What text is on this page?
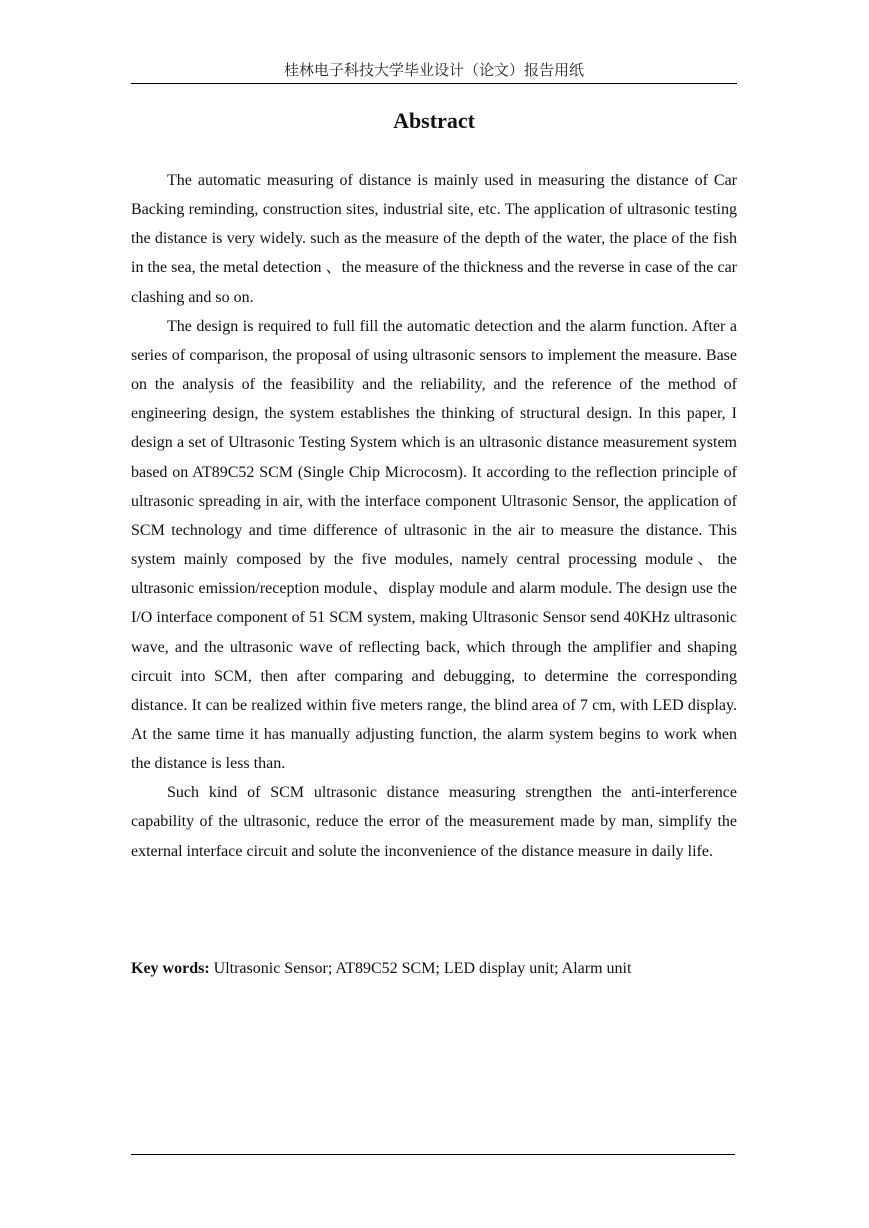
桂林电子科技大学毕业设计（论文）报告用纸
Abstract

The automatic measuring of distance is mainly used in measuring the distance of Car Backing reminding, construction sites, industrial site, etc. The application of ultrasonic testing the distance is very widely. such as the measure of the depth of the water, the place of the fish in the sea, the metal detection 、the measure of the thickness and the reverse in case of the car clashing and so on.

The design is required to full fill the automatic detection and the alarm function. After a series of comparison, the proposal of using ultrasonic sensors to implement the measure. Base on the analysis of the feasibility and the reliability, and the reference of the method of engineering design, the system establishes the thinking of structural design. In this paper, I design a set of Ultrasonic Testing System which is an ultrasonic distance measurement system based on AT89C52 SCM (Single Chip Microcosm). It according to the reflection principle of ultrasonic spreading in air, with the interface component Ultrasonic Sensor, the application of SCM technology and time difference of ultrasonic in the air to measure the distance. This system mainly composed by the five modules, namely central processing module、the ultrasonic emission/reception module、display module and alarm module. The design use the I/O interface component of 51 SCM system, making Ultrasonic Sensor send 40KHz ultrasonic wave, and the ultrasonic wave of reflecting back, which through the amplifier and shaping circuit into SCM, then after comparing and debugging, to determine the corresponding distance. It can be realized within five meters range, the blind area of 7 cm, with LED display. At the same time it has manually adjusting function, the alarm system begins to work when the distance is less than.

Such kind of SCM ultrasonic distance measuring strengthen the anti-interference capability of the ultrasonic, reduce the error of the measurement made by man, simplify the external interface circuit and solute the inconvenience of the distance measure in daily life.

Key words: Ultrasonic Sensor; AT89C52 SCM; LED display unit; Alarm unit
